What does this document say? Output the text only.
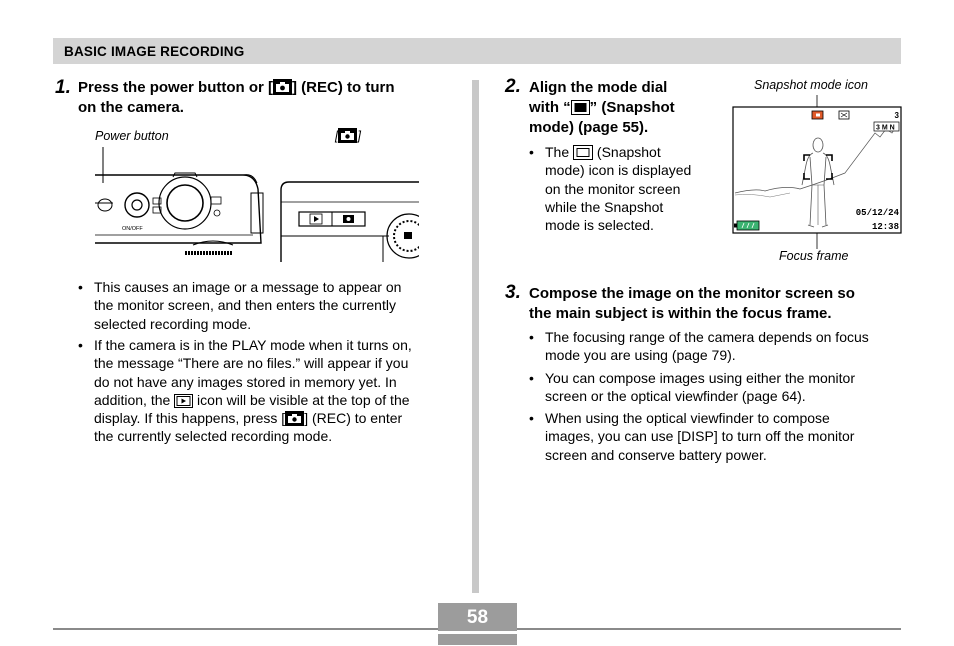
BASIC IMAGE RECORDING
1. Press the power button or [ ] (REC) to turn
on the camera.
Power button	[ ]
ON/OFF
• This causes an image or a message to appear on
the monitor screen, and then enters the currently
selected recording mode.
• If the camera is in the PLAY mode when it turns on,
the message “There are no files.” will appear if you
do not have any images stored in memory yet. In
addition, the
icon will be visible at the top of the
display. If this happens, press [ ] (REC) to enter
the currently selected recording mode.
2. Align the mode dial
with “ ” (Snapshot
mode) (page 55).
• The
(Snapshot
mode) icon is displayed
on the monitor screen
while the Snapshot
mode is selected.
Snapshot mode icon
Focus frame
3
3 M N
05/12/24
12:38
3. Compose the image on the monitor screen so
the main subject is within the focus frame.
• The focusing range of the camera depends on focus
mode you are using (page 79).
• You can compose images using either the monitor
screen or the optical viewfinder (page 64).
• When using the optical viewfinder to compose
images, you can use [DISP] to turn off the monitor
screen and conserve battery power.
58
